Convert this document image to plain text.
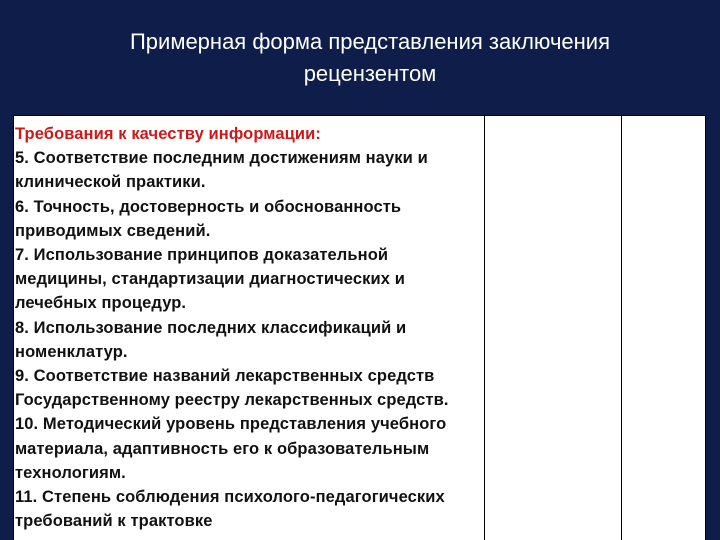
Примерная форма представления заключения
рецензентом
Требования к качеству информации:
5. Соответствие последним достижениям науки и клинической практики.
6. Точность, достоверность и обоснованность приводимых сведений.
7. Использование принципов доказательной медицины, стандартизации диагностических и лечебных процедур.
8. Использование последних классификаций и номенклатур.
9. Соответствие названий лекарственных средств Государственному реестру лекарственных средств.
10. Методический уровень представления учебного материала, адаптивность его к образовательным технологиям.
11. Степень соблюдения психолого-педагогических требований к трактовке
